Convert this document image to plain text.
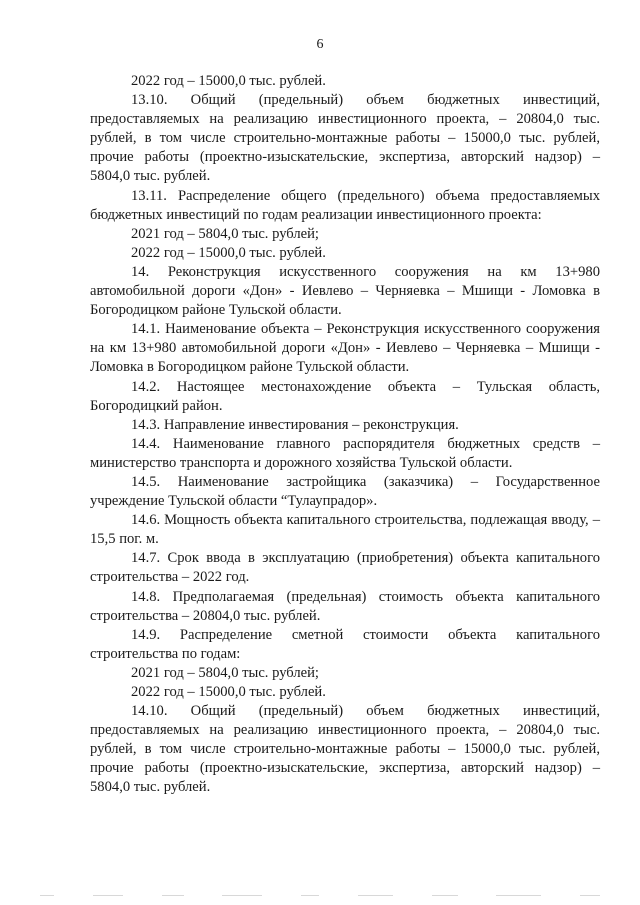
6

2022 год – 15000,0 тыс. рублей.

13.10. Общий (предельный) объем бюджетных инвестиций, предоставляемых на реализацию инвестиционного проекта, – 20804,0 тыс. рублей, в том числе строительно-монтажные работы – 15000,0 тыс. рублей, прочие работы (проектно-изыскательские, экспертиза, авторский надзор) – 5804,0 тыс. рублей.

13.11. Распределение общего (предельного) объема предоставляемых бюджетных инвестиций по годам реализации инвестиционного проекта:

2021 год – 5804,0 тыс. рублей;

2022 год – 15000,0 тыс. рублей.

14. Реконструкция искусственного сооружения на км 13+980 автомобильной дороги «Дон» - Иевлево – Черняевка – Мшищи - Ломовка в Богородицком районе Тульской области.

14.1. Наименование объекта – Реконструкция искусственного сооружения на км 13+980 автомобильной дороги «Дон» - Иевлево – Черняевка – Мшищи - Ломовка в Богородицком районе Тульской области.

14.2. Настоящее местонахождение объекта – Тульская область, Богородицкий район.

14.3. Направление инвестирования – реконструкция.

14.4. Наименование главного распорядителя бюджетных средств – министерство транспорта и дорожного хозяйства Тульской области.

14.5. Наименование застройщика (заказчика) – Государственное учреждение Тульской области “Тулаупрадор».

14.6. Мощность объекта капитального строительства, подлежащая вводу, – 15,5 пог. м.

14.7. Срок ввода в эксплуатацию (приобретения) объекта капитального строительства – 2022 год.

14.8. Предполагаемая (предельная) стоимость объекта капитального строительства – 20804,0 тыс. рублей.

14.9. Распределение сметной стоимости объекта капитального строительства по годам:

2021 год – 5804,0 тыс. рублей;

2022 год – 15000,0 тыс. рублей.

14.10. Общий (предельный) объем бюджетных инвестиций, предоставляемых на реализацию инвестиционного проекта, – 20804,0 тыс. рублей, в том числе строительно-монтажные работы – 15000,0 тыс. рублей, прочие работы (проектно-изыскательские, экспертиза, авторский надзор) – 5804,0 тыс. рублей.
